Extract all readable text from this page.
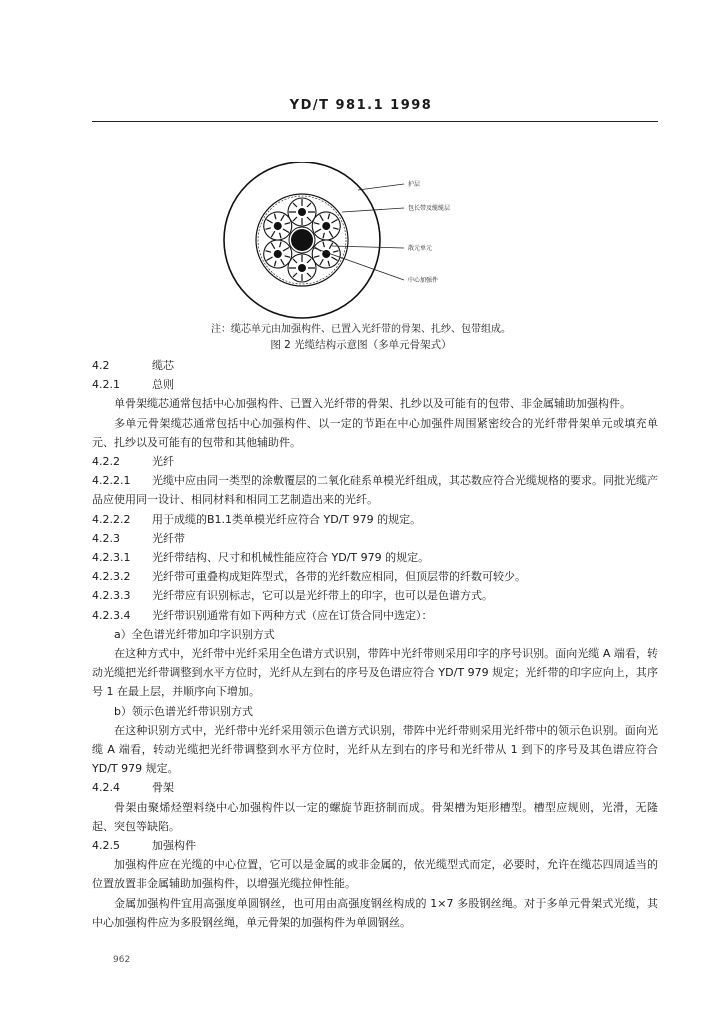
YD/T 981.1 1998
护层
包长带及缆缆层
散元单元
中心加强件
注：缆芯单元由加强构件、已置入光纤带的骨架、扎纱、包带组成。
图 2 光缆结构示意图（多单元骨架式）

4.2	缆芯

4.2.1	总则

单骨架缆芯通常包括中心加强构件、已置入光纤带的骨架、扎纱以及可能有的包带、非金属辅助加强构件。

多单元骨架缆芯通常包括中心加强构件、以一定的节距在中心加强件周围紧密绞合的光纤带骨架单元或填充单元、扎纱以及可能有的包带和其他辅助件。

4.2.2	光纤

4.2.2.1 光缆中应由同一类型的涂敷覆层的二氧化硅系单模光纤组成，其芯数应符合光缆规格的要求。同批光缆产品应使用同一设计、相同材料和相同工艺制造出来的光纤。

4.2.2.2 用于成缆的B1.1类单模光纤应符合 YD/T 979 的规定。

4.2.3	光纤带

4.2.3.1 光纤带结构、尺寸和机械性能应符合 YD/T 979 的规定。

4.2.3.2 光纤带可重叠构成矩阵型式，各带的光纤数应相同，但顶层带的纤数可较少。

4.2.3.3 光纤带应有识别标志，它可以是光纤带上的印字，也可以是色谱方式。

4.2.3.4 光纤带识别通常有如下两种方式（应在订货合同中选定）：

a）全色谱光纤带加印字识别方式

在这种方式中，光纤带中光纤采用全色谱方式识别，带阵中光纤带则采用印字的序号识别。面向光缆 A 端看，转动光缆把光纤带调整到水平方位时，光纤从左到右的序号及色谱应符合 YD/T 979 规定；光纤带的印字应向上，其序号 1 在最上层，并顺序向下增加。

b）领示色谱光纤带识别方式

在这种识别方式中，光纤带中光纤采用领示色谱方式识别，带阵中光纤带则采用光纤带中的领示色识别。面向光缆 A 端看，转动光缆把光纤带调整到水平方位时，光纤从左到右的序号和光纤带从 1 到下的序号及其色谱应符合 YD/T 979 规定。

4.2.4	骨架

骨架由聚烯烃塑料绕中心加强构件以一定的螺旋节距挤制而成。骨架槽为矩形槽型。槽型应规则，光滑，无隆起、突包等缺陷。

4.2.5	加强构件

加强构件应在光缆的中心位置，它可以是金属的或非金属的，依光缆型式而定，必要时，允许在缆芯四周适当的位置放置非金属辅助加强构件，以增强光缆拉伸性能。

金属加强构件宜用高强度单圆钢丝，也可用由高强度钢丝构成的 1×7 多股钢丝绳。对于多单元骨架式光缆，其中心加强构件应为多股钢丝绳，单元骨架的加强构件为单圆钢丝。

962
